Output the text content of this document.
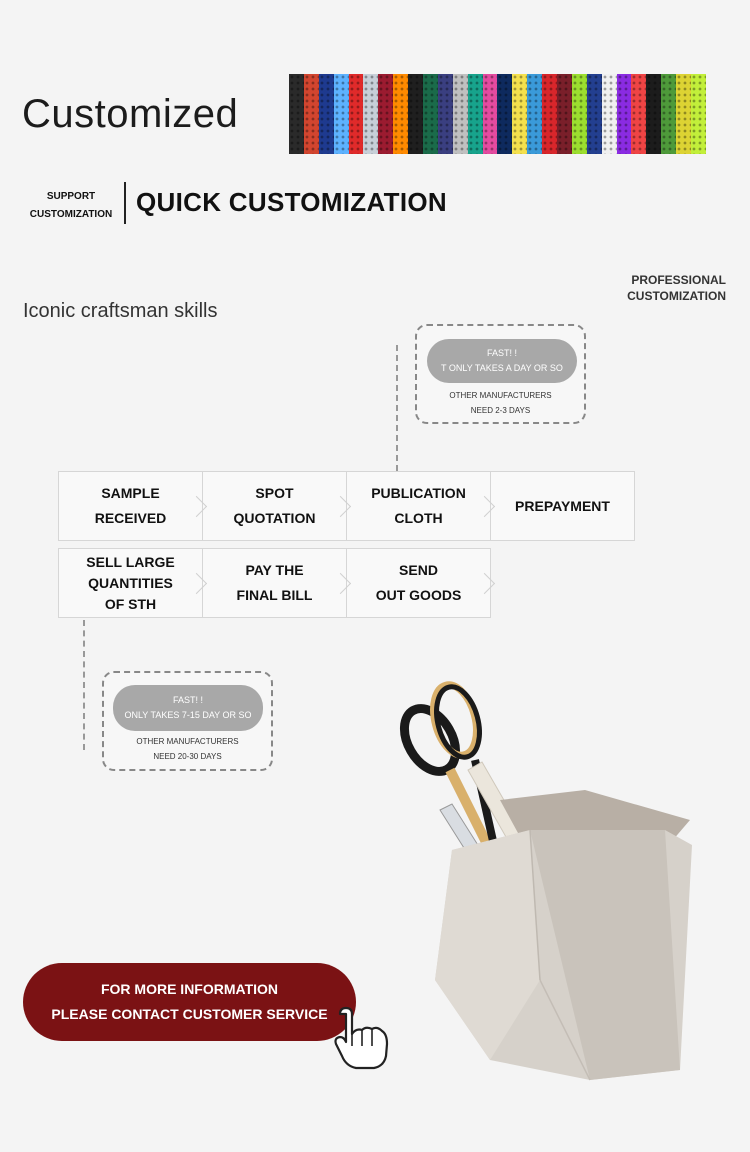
Customized
SUPPORT
CUSTOMIZATION QUICK CUSTOMIZATION
Iconic craftsman skills
PROFESSIONAL
CUSTOMIZATION
FAST! !
T ONLY TAKES A DAY OR SO
OTHER MANUFACTURERS
NEED 2-3 DAYS
SAMPLE
RECEIVED
SPOT
QUOTATION
PUBLICATION
CLOTH
PREPAYMENT
SELL LARGE
QUANTITIES
OF STH
PAY THE
FINAL BILL
SEND
OUT GOODS
FAST! !
ONLY TAKES 7-15 DAY OR SO
OTHER MANUFACTURERS
NEED 20-30 DAYS
FOR MORE INFORMATION
PLEASE CONTACT CUSTOMER SERVICE
